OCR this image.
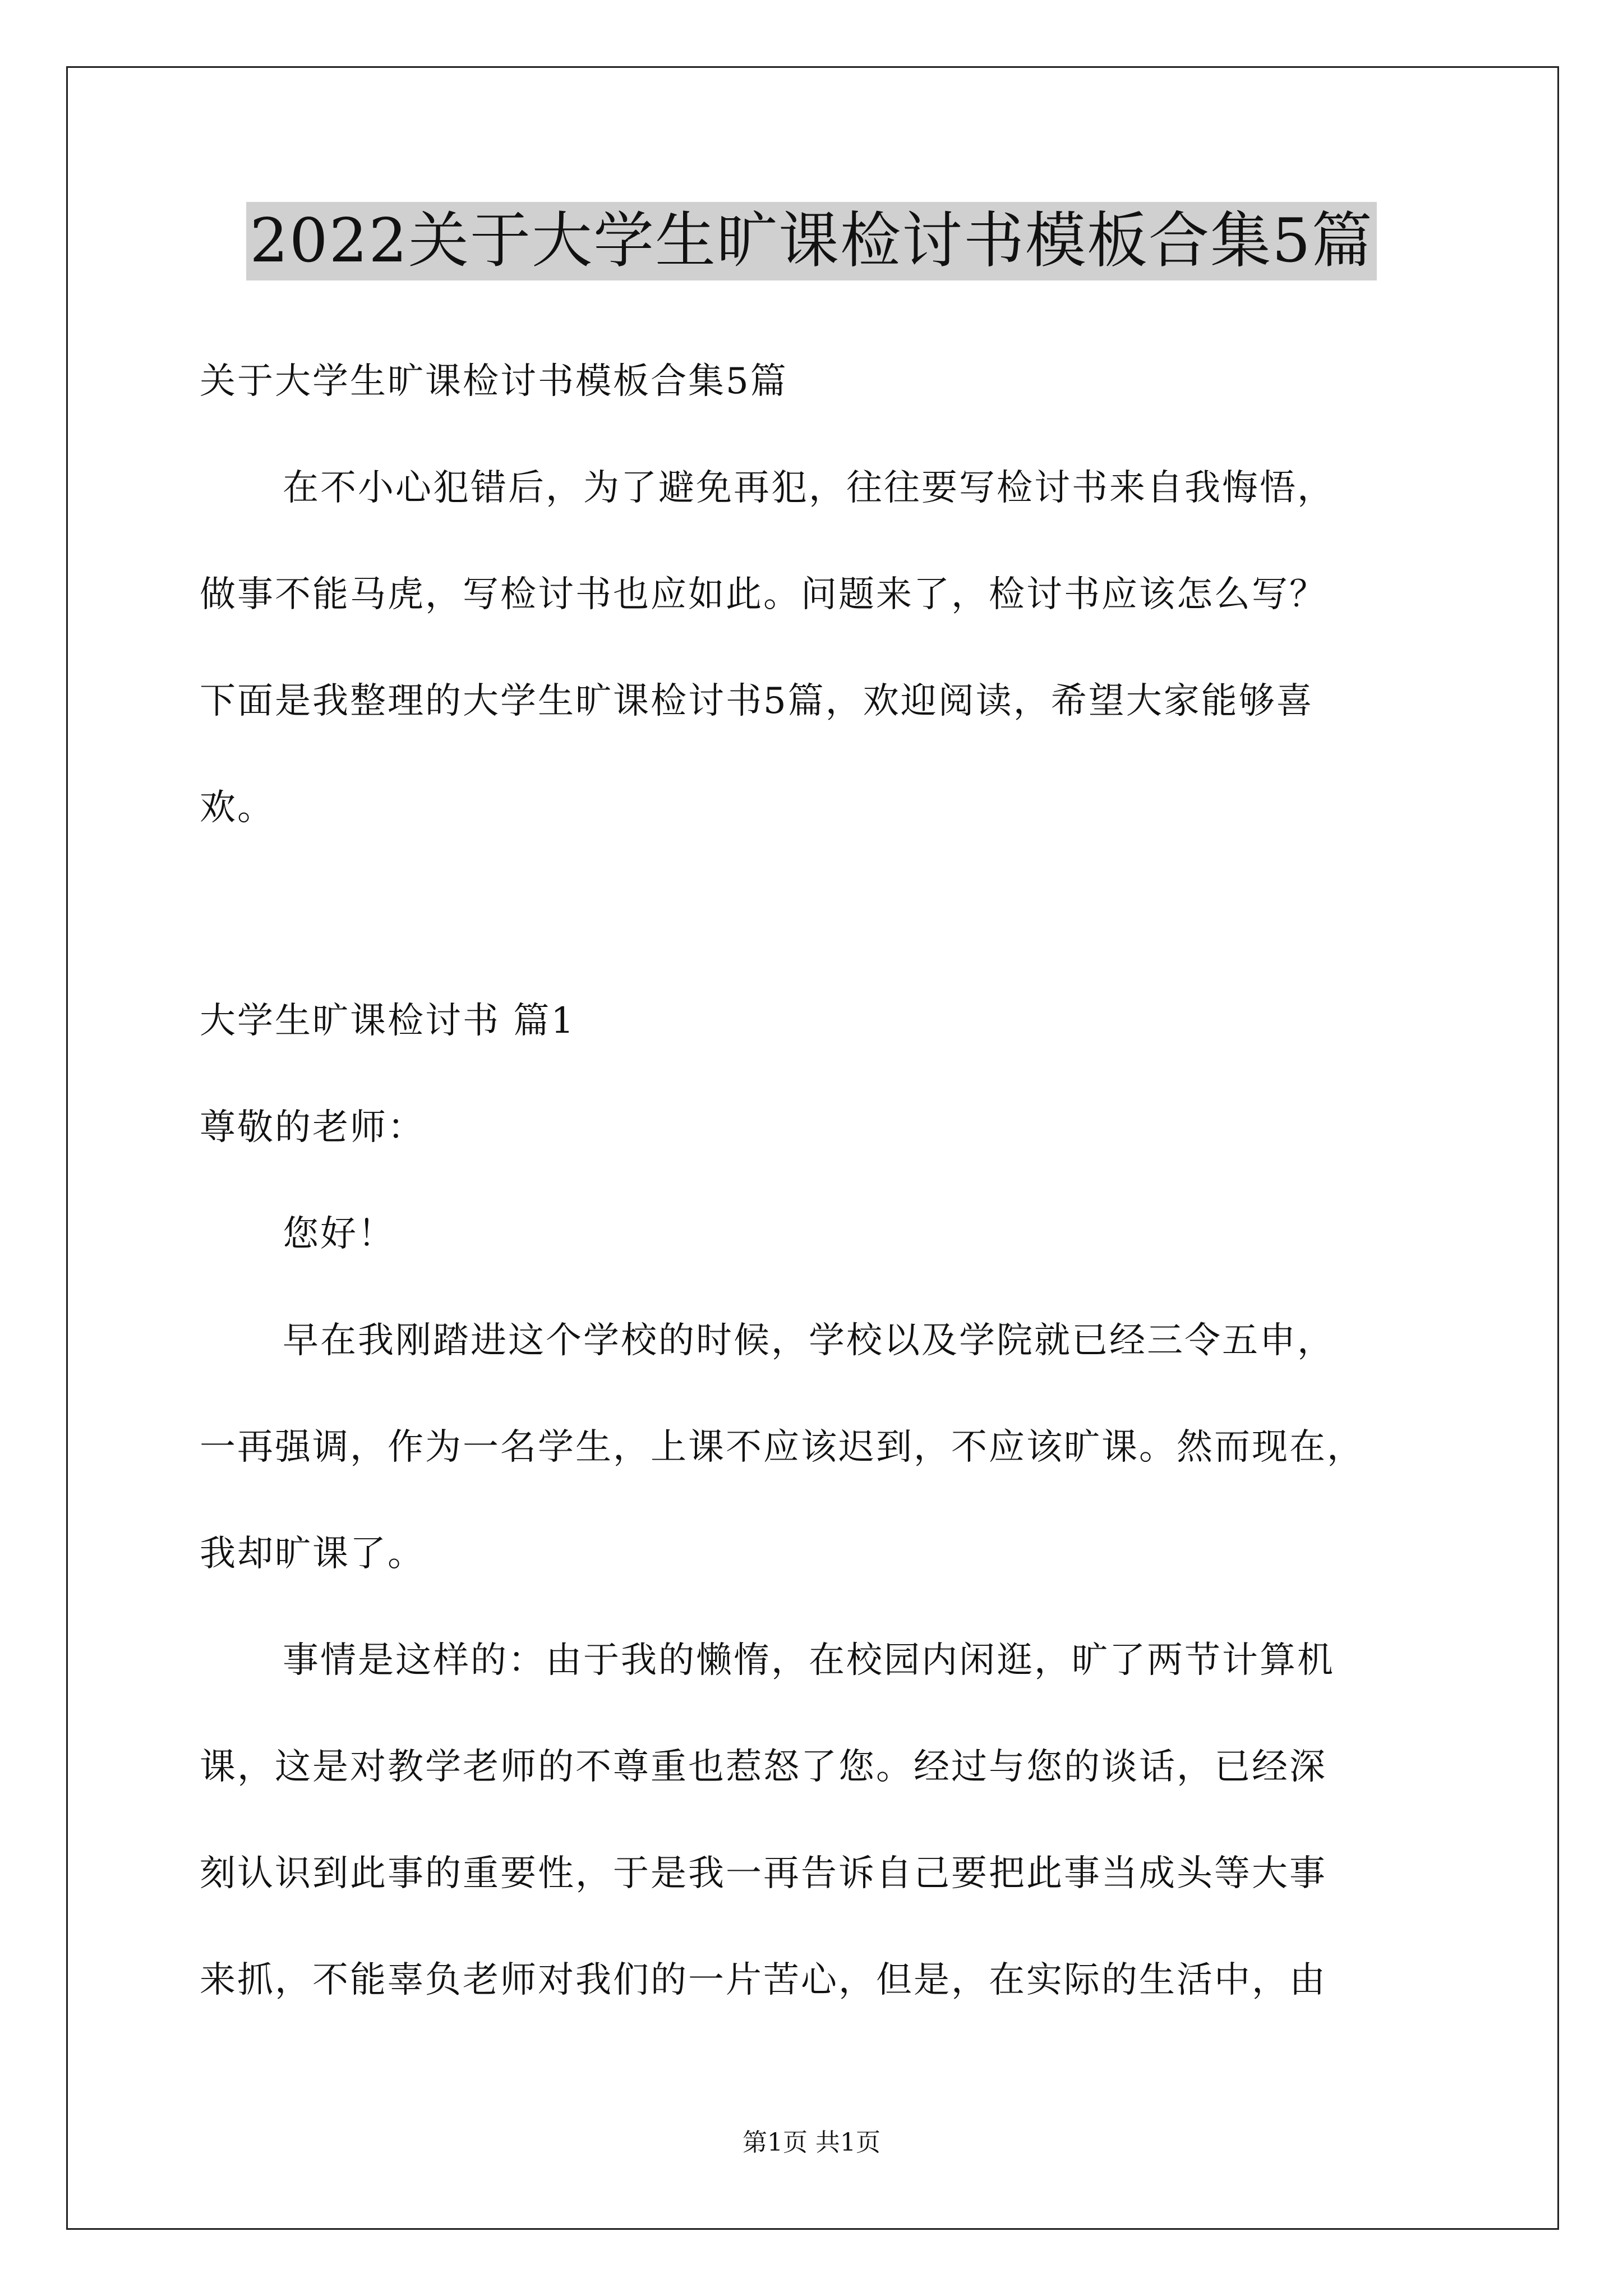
2022关于大学生旷课检讨书模板合集5篇
关于大学生旷课检讨书模板合集5篇
在不小心犯错后，为了避免再犯，往往要写检讨书来自我悔悟，
做事不能马虎，写检讨书也应如此。问题来了，检讨书应该怎么写？
下面是我整理的大学生旷课检讨书5篇，欢迎阅读，希望大家能够喜
欢。
大学生旷课检讨书 篇1
尊敬的老师：
您好！
早在我刚踏进这个学校的时候，学校以及学院就已经三令五申，
一再强调，作为一名学生，上课不应该迟到，不应该旷课。然而现在，
我却旷课了。
事情是这样的：由于我的懒惰，在校园内闲逛，旷了两节计算机
课，这是对教学老师的不尊重也惹怒了您。经过与您的谈话，已经深
刻认识到此事的重要性，于是我一再告诉自己要把此事当成头等大事
来抓，不能辜负老师对我们的一片苦心，但是，在实际的生活中，由
第1页 共1页
